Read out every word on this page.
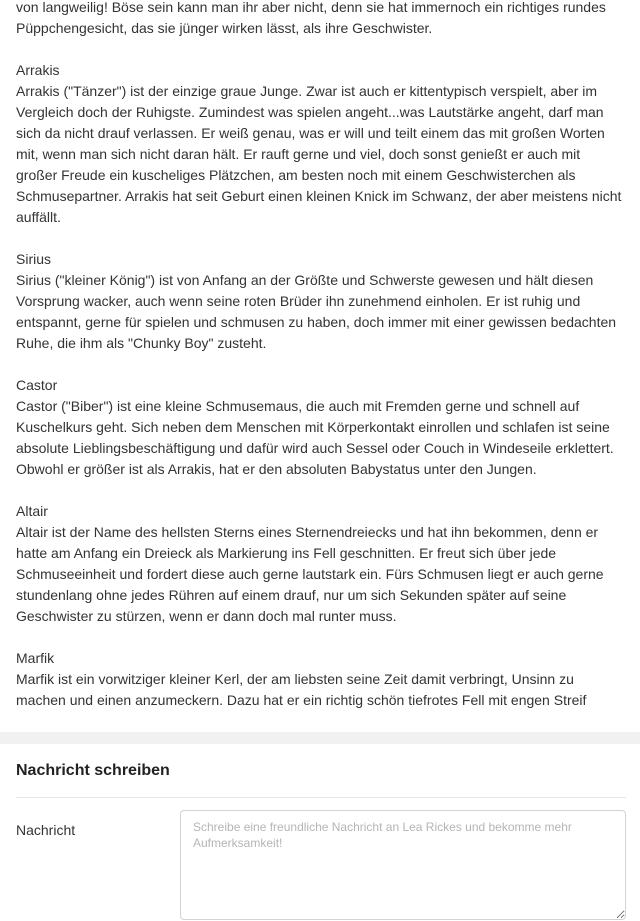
von langweilig! Böse sein kann man ihr aber nicht, denn sie hat immernoch ein richtiges rundes Püppchengesicht, das sie jünger wirken lässt, als ihre Geschwister.

Arrakis

Arrakis ("Tänzer") ist der einzige graue Junge. Zwar ist auch er kittentypisch verspielt, aber im Vergleich doch der Ruhigste. Zumindest was spielen angeht...was Lautstärke angeht, darf man sich da nicht drauf verlassen. Er weiß genau, was er will und teilt einem das mit großen Worten mit, wenn man sich nicht daran hält. Er rauft gerne und viel, doch sonst genießt er auch mit großer Freude ein kuscheliges Plätzchen, am besten noch mit einem Geschwisterchen als Schmusepartner. Arrakis hat seit Geburt einen kleinen Knick im Schwanz, der aber meistens nicht auffällt.

Sirius

Sirius ("kleiner König") ist von Anfang an der Größte und Schwerste gewesen und hält diesen Vorsprung wacker, auch wenn seine roten Brüder ihn zunehmend einholen. Er ist ruhig und entspannt, gerne für spielen und schmusen zu haben, doch immer mit einer gewissen bedachten Ruhe, die ihm als "Chunky Boy" zusteht.

Castor

Castor ("Biber") ist eine kleine Schmusemaus, die auch mit Fremden gerne und schnell auf Kuschelkurs geht. Sich neben dem Menschen mit Körperkontakt einrollen und schlafen ist seine absolute Lieblingsbeschäftigung und dafür wird auch Sessel oder Couch in Windeseile erklettert. Obwohl er größer ist als Arrakis, hat er den absoluten Babystatus unter den Jungen.

Altair

Altair ist der Name des hellsten Sterns eines Sternendreiecks und hat ihn bekommen, denn er hatte am Anfang ein Dreieck als Markierung ins Fell geschnitten. Er freut sich über jede Schmuseeinheit und fordert diese auch gerne lautstark ein. Fürs Schmusen liegt er auch gerne stundenlang ohne jedes Rühren auf einem drauf, nur um sich Sekunden später auf seine Geschwister zu stürzen, wenn er dann doch mal runter muss.

Marfik

Marfik ist ein vorwitziger kleiner Kerl, der am liebsten seine Zeit damit verbringt, Unsinn zu machen und einen anzumeckern. Dazu hat er ein richtig schön tiefrotes Fell mit engen Streif

Nachricht schreiben
Nachricht
Schreibe eine freundliche Nachricht an Lea Rickes und bekomme mehr Aufmerksamkeit!
